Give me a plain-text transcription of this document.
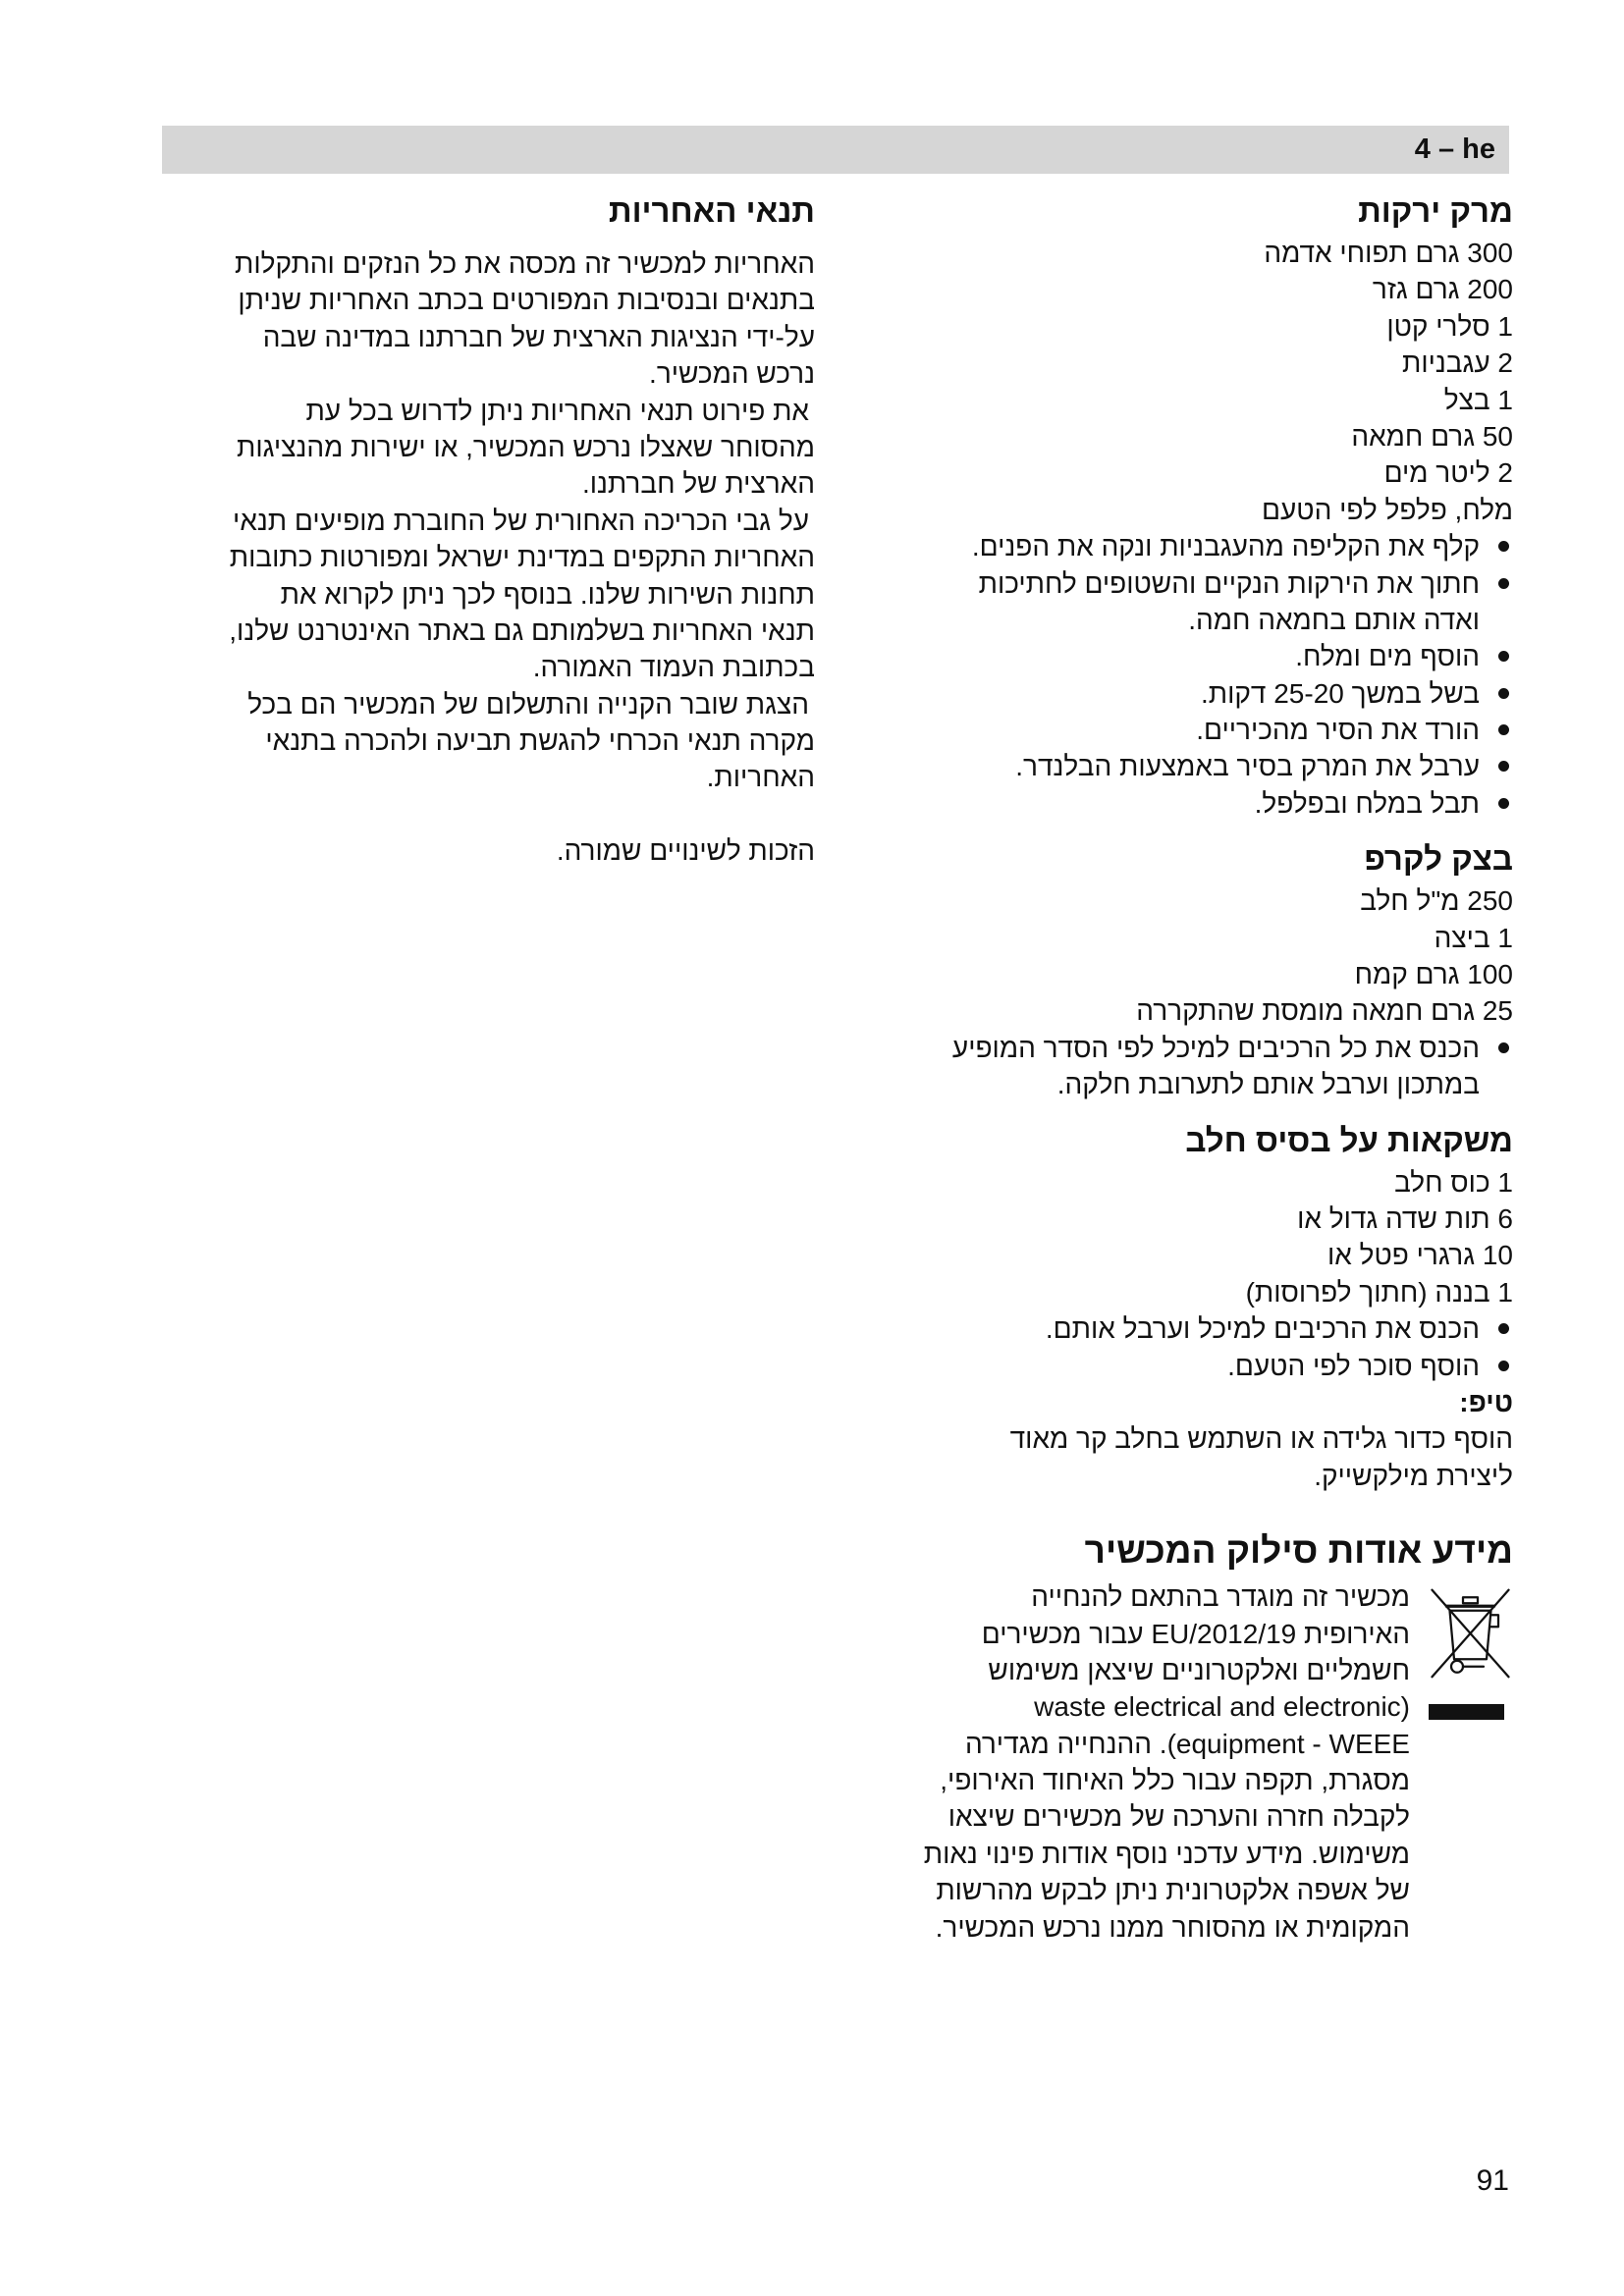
4 – he
מרק ירקות
300 גרם תפוחי אדמה
200 גרם גזר
1 סלרי קטן
2 עגבניות
1 בצל
50 גרם חמאה
2 ליטר מים
מלח, פלפל לפי הטעם
קלף את הקליפה מהעגבניות ונקה את הפנים.
חתוך את הירקות הנקיים והשטופים לחתיכות
ואדה אותם בחמאה חמה.
הוסף מים ומלח.
בשל במשך 25-20 דקות.
הורד את הסיר מהכיריים.
ערבל את המרק בסיר באמצעות הבלנדר.
תבל במלח ובפלפל.
בצק לקרפ
250 מ"ל חלב
1 ביצה
100 גרם קמח
25 גרם חמאה מומסת שהתקררה
הכנס את כל הרכיבים למיכל לפי הסדר המופיע
במתכון וערבל אותם לתערובת חלקה.
משקאות על בסיס חלב
1 כוס חלב
6 תות שדה גדול או
10 גרגרי פטל או
1 בננה (חתוך לפרוסות)
הכנס את הרכיבים למיכל וערבל אותם.
הוסף סוכר לפי הטעם.
טיפ:
הוסף כדור גלידה או השתמש בחלב קר מאוד
ליצירת מילקשייק.
מידע אודות סילוק המכשיר
מכשיר זה מוגדר בהתאם להנחייה
האירופית EU/2012/19 עבור מכשירים
חשמליים ואלקטרוניים שיצאן משימוש
(waste electrical and electronic
equipment - WEEE). ההנחייה מגדירה
מסגרת, תקפה עבור כלל האיחוד האירופי,
לקבלה חזרה והערכה של מכשירים שיצאו
משימוש. מידע עדכני נוסף אודות פינוי נאות
של אשפה אלקטרונית ניתן לבקש מהרשות
המקומית או מהסוחר ממנו נרכש המכשיר.
תנאי האחריות
האחריות למכשיר זה מכסה את כל הנזקים והתקלות
בתנאים ובנסיבות המפורטים בכתב האחריות שניתן
על-ידי הנציגות הארצית של חברתנו במדינה שבה
נרכש המכשיר.
את פירוט תנאי האחריות ניתן לדרוש בכל עת
מהסוחר שאצלו נרכש המכשיר, או ישירות מהנציגות
הארצית של חברתנו.
על גבי הכריכה האחורית של החוברת מופיעים תנאי
האחריות התקפים במדינת ישראל ומפורטות כתובות
תחנות השירות שלנו. בנוסף לכך ניתן לקרוא את
תנאי האחריות בשלמותם גם באתר האינטרנט שלנו,
בכתובת העמוד האמורה.
הצגת שובר הקנייה והתשלום של המכשיר הם בכל
מקרה תנאי הכרחי להגשת תביעה ולהכרה בתנאי
האחריות.
הזכות לשינויים שמורה.
91
